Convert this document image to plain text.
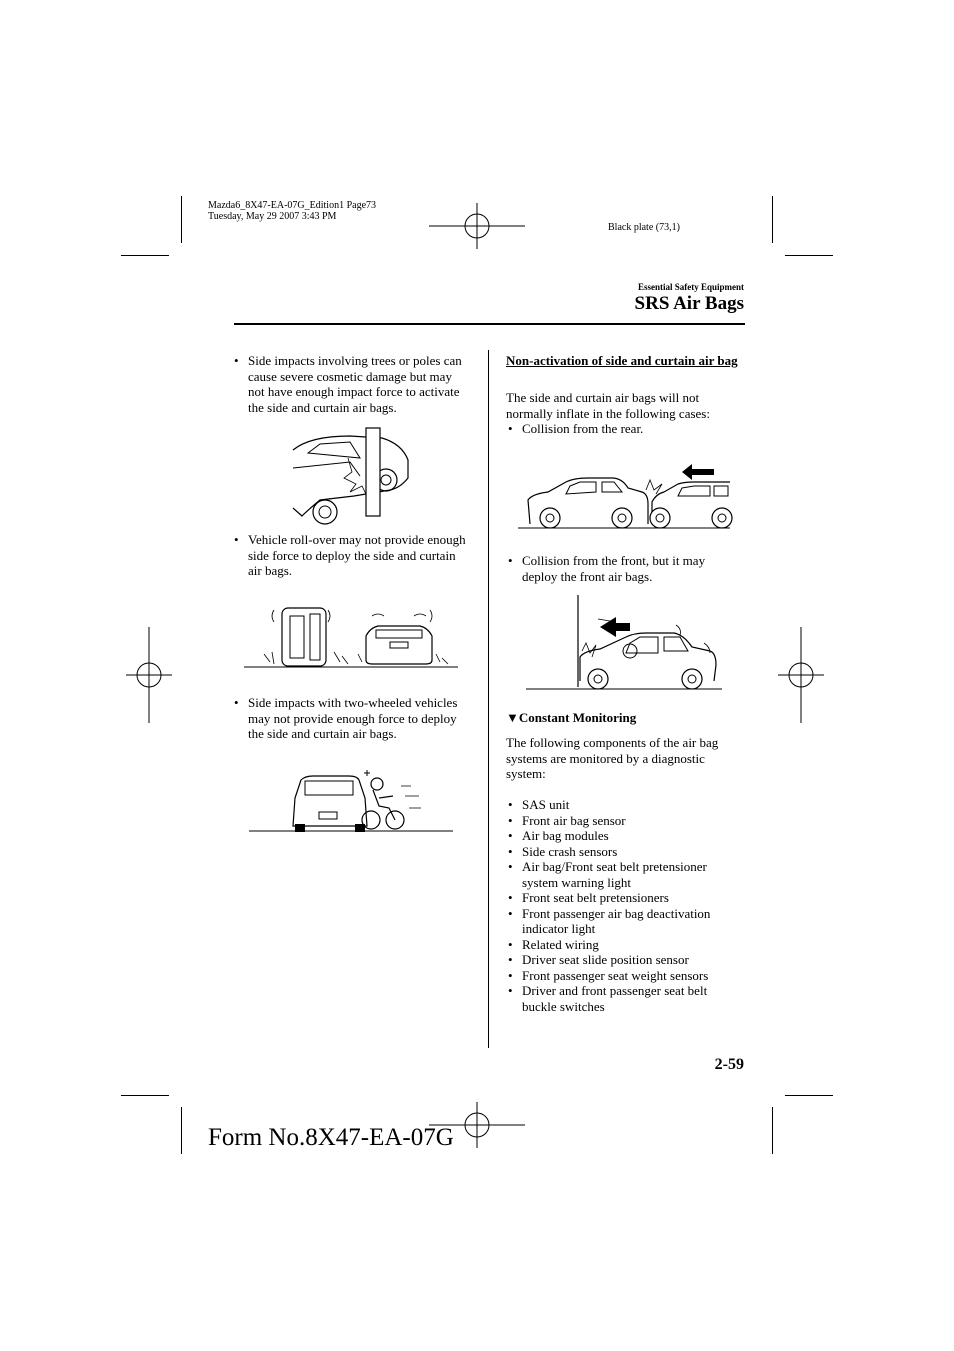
Mazda6_8X47-EA-07G_Edition1 Page73
Tuesday, May 29 2007 3:43 PM
Black plate (73,1)
Essential Safety Equipment
SRS Air Bags
• Side impacts involving trees or poles can cause severe cosmetic damage but may not have enough impact force to activate the side and curtain air bags.
• Vehicle roll-over may not provide enough side force to deploy the side and curtain air bags.
• Side impacts with two-wheeled vehicles may not provide enough force to deploy the side and curtain air bags.
Non-activation of side and curtain air bag
The side and curtain air bags will not normally inflate in the following cases:
• Collision from the rear.
• Collision from the front, but it may deploy the front air bags.
▼Constant Monitoring
The following components of the air bag systems are monitored by a diagnostic system:
• SAS unit
• Front air bag sensor
• Air bag modules
• Side crash sensors
• Air bag/Front seat belt pretensioner system warning light
• Front seat belt pretensioners
• Front passenger air bag deactivation indicator light
• Related wiring
• Driver seat slide position sensor
• Front passenger seat weight sensors
• Driver and front passenger seat belt buckle switches
2-59
Form No.8X47-EA-07G
